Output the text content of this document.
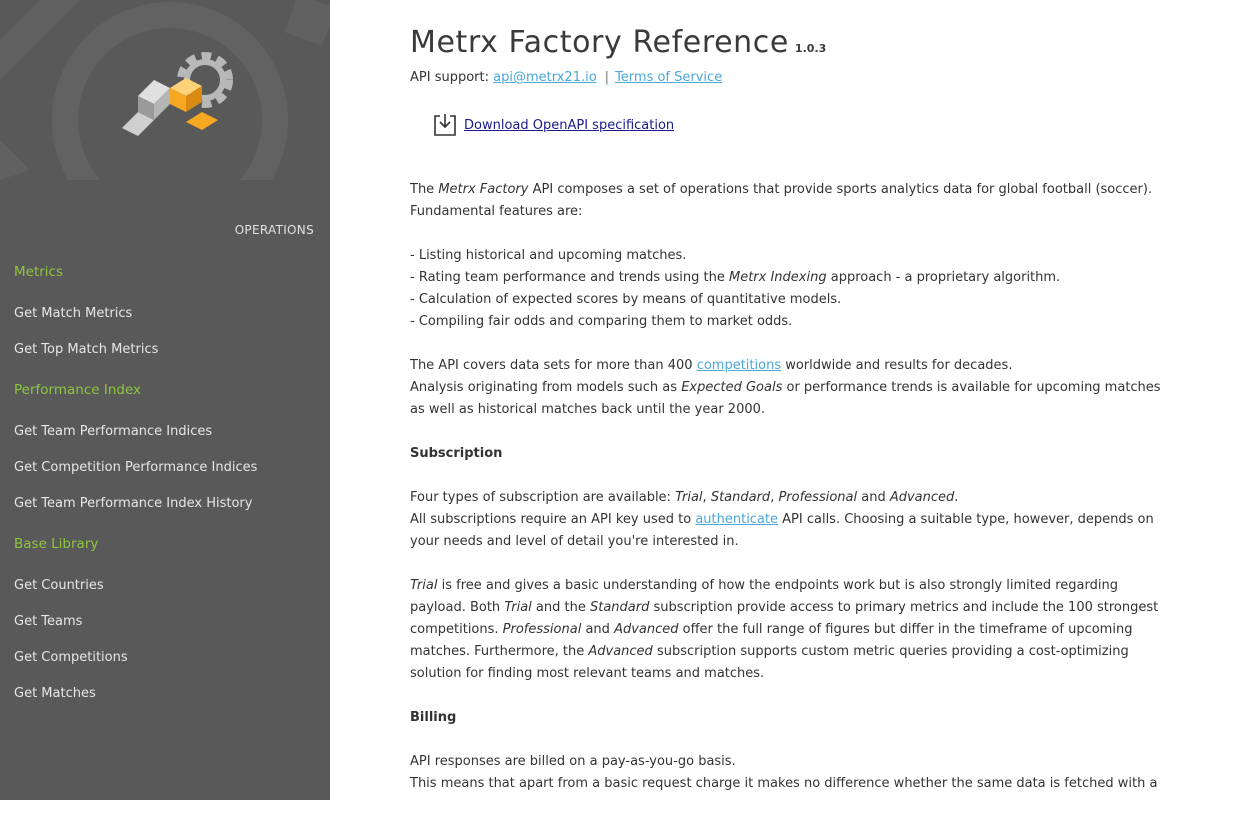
OPERATIONS
Metrics
Get Match Metrics
Get Top Match Metrics
Performance Index
Get Team Performance Indices
Get Competition Performance Indices
Get Team Performance Index History
Base Library
Get Countries
Get Teams
Get Competitions
Get Matches
Metrx Factory Reference 1.0.3
API support: api@metrx21.io | Terms of Service
Download OpenAPI specification

The Metrx Factory API composes a set of operations that provide sports analytics data for global football (soccer). Fundamental features are:

- Listing historical and upcoming matches.
- Rating team performance and trends using the Metrx Indexing approach - a proprietary algorithm.
- Calculation of expected scores by means of quantitative models.
- Compiling fair odds and comparing them to market odds.

The API covers data sets for more than 400 competitions worldwide and results for decades.
Analysis originating from models such as Expected Goals or performance trends is available for upcoming matches as well as historical matches back until the year 2000.

Subscription

Four types of subscription are available: Trial, Standard, Professional and Advanced.
All subscriptions require an API key used to authenticate API calls. Choosing a suitable type, however, depends on your needs and level of detail you're interested in.

Trial is free and gives a basic understanding of how the endpoints work but is also strongly limited regarding payload. Both Trial and the Standard subscription provide access to primary metrics and include the 100 strongest competitions. Professional and Advanced offer the full range of figures but differ in the timeframe of upcoming matches. Furthermore, the Advanced subscription supports custom metric queries providing a cost-optimizing solution for finding most relevant teams and matches.

Billing

API responses are billed on a pay-as-you-go basis.
This means that apart from a basic request charge it makes no difference whether the same data is fetched with a
